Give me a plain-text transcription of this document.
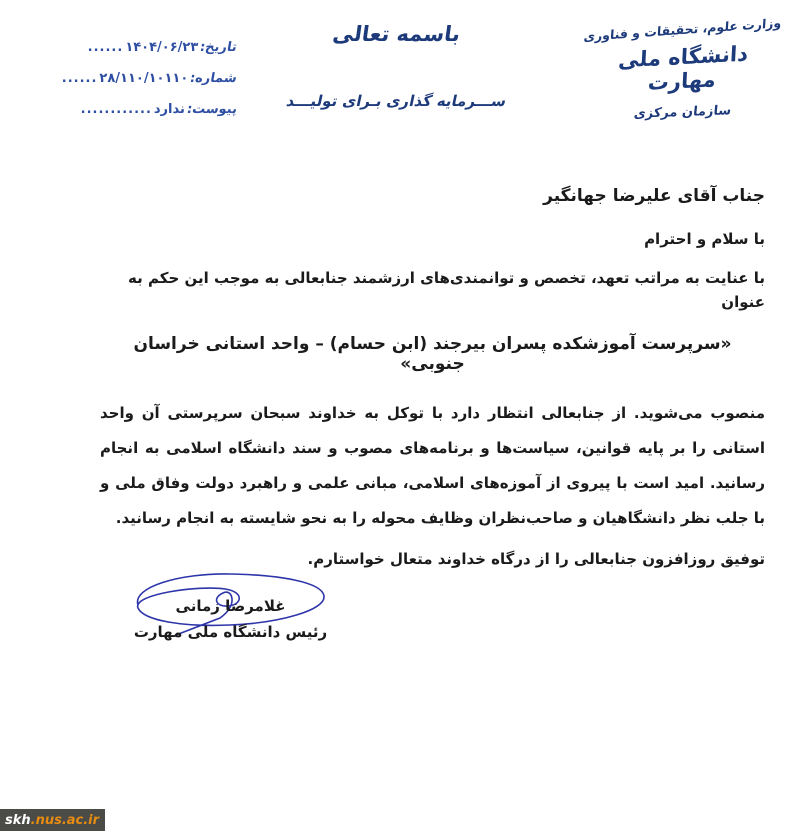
تاریخ:
۱۴۰۴/۰۶/۲۳
......
شماره:
۲۸/۱۱۰/۱۰۱۱۰
......
پیوست:
ندارد
............
باسمه تعالی
ســـرمایه گذاری بـرای تولیـــد
وزارت علوم، تحقیقات و فناوری
دانشگاه ملی مهارت
سازمان مرکزی
جناب آقای علیرضا جهانگیر
با سلام و احترام
با عنایت به مراتب تعهد، تخصص و توانمندی‌های ارزشمند جنابعالی به موجب این حکم به عنوان
«سرپرست آموزشکده پسران بیرجند (ابن حسام) – واحد استانی خراسان جنوبی»
منصوب می‌شوید. از جنابعالی انتظار دارد با توکل به خداوند سبحان سرپرستی آن واحد استانی را بر پایه قوانین، سیاست‌ها و برنامه‌های مصوب و سند دانشگاه اسلامی به انجام رسانید. امید است با پیروی از آموزه‌های اسلامی، مبانی علمی و راهبرد دولت وفاق ملی و با جلب نظر دانشگاهیان و صاحب‌نظران وظایف محوله را به نحو شایسته به انجام رسانید.
توفیق روزافزون جنابعالی را از درگاه خداوند متعال خواستارم.
غلامرضا زمانی
رئیس دانشگاه ملی مهارت
skh .nus.ac.ir
